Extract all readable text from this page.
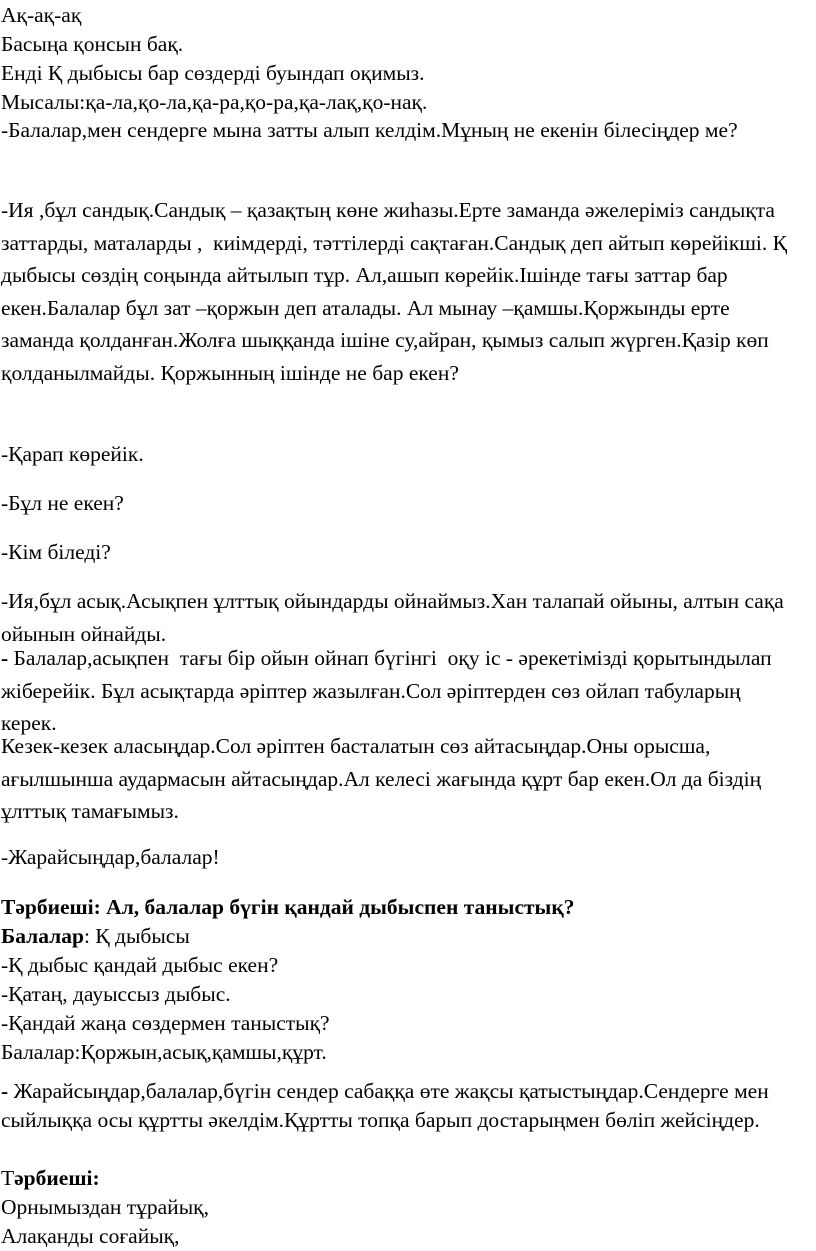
Ақ-ақ-ақ

Басыңа қонсын бақ.

Енді Қ дыбысы бар сөздерді буындап оқимыз.

Мысалы:қа-ла,қо-ла,қа-ра,қо-ра,қа-лақ,қо-нақ.

-Балалар,мен сендерге мына затты алып келдім.Мұның не екенін білесіңдер ме?

-Ия ,бұл сандық.Сандық – қазақтың көне жиһазы.Ерте заманда әжелеріміз сандықта заттарды, маталарды ,  киімдерді, тәттілерді сақтаған.Сандық деп айтып көрейікші. Қ дыбысы сөздің соңында айтылып тұр. Ал,ашып көрейік.Ішінде тағы заттар бар екен.Балалар бұл зат –қоржын деп аталады. Ал мынау –қамшы.Қоржынды ерте заманда қолданған.Жолға шыққанда ішіне су,айран, қымыз салып жүрген.Қазір көп қолданылмайды. Қоржынның ішінде не бар екен?

-Қарап көрейік.

-Бұл не екен?

-Кім біледі?

-Ия,бұл асық.Асықпен ұлттық ойындарды ойнаймыз.Хан талапай ойыны, алтын сақа ойынын ойнайды.

- Балалар,асықпен  тағы бір ойын ойнап бүгінгі  оқу іс - әрекетімізді қорытындылап жіберейік. Бұл асықтарда әріптер жазылған.Сол әріптерден сөз ойлап табуларың керек.

Кезек-кезек аласыңдар.Сол әріптен басталатын сөз айтасыңдар.Оны орысша, ағылшынша аудармасын айтасыңдар.Ал келесі жағында құрт бар екен.Ол да біздің ұлттық тамағымыз.

-Жарайсыңдар,балалар!

Тәрбиеші: Ал, балалар бүгін қандай дыбыспен таныстық?

Балалар: Қ дыбысы

-Қ дыбыс қандай дыбыс екен?

-Қатаң, дауыссыз дыбыс.

-Қандай жаңа сөздермен таныстық?

Балалар:Қоржын,асық,қамшы,құрт.

- Жарайсыңдар,балалар,бүгін сендер сабаққа өте жақсы қатыстыңдар.Сендерге мен сыйлыққа осы құртты әкелдім.Құртты топқа барып достарыңмен бөліп жейсіңдер.

Тәрбиеші:

Орнымыздан тұрайық,

Алақанды соғайық,
